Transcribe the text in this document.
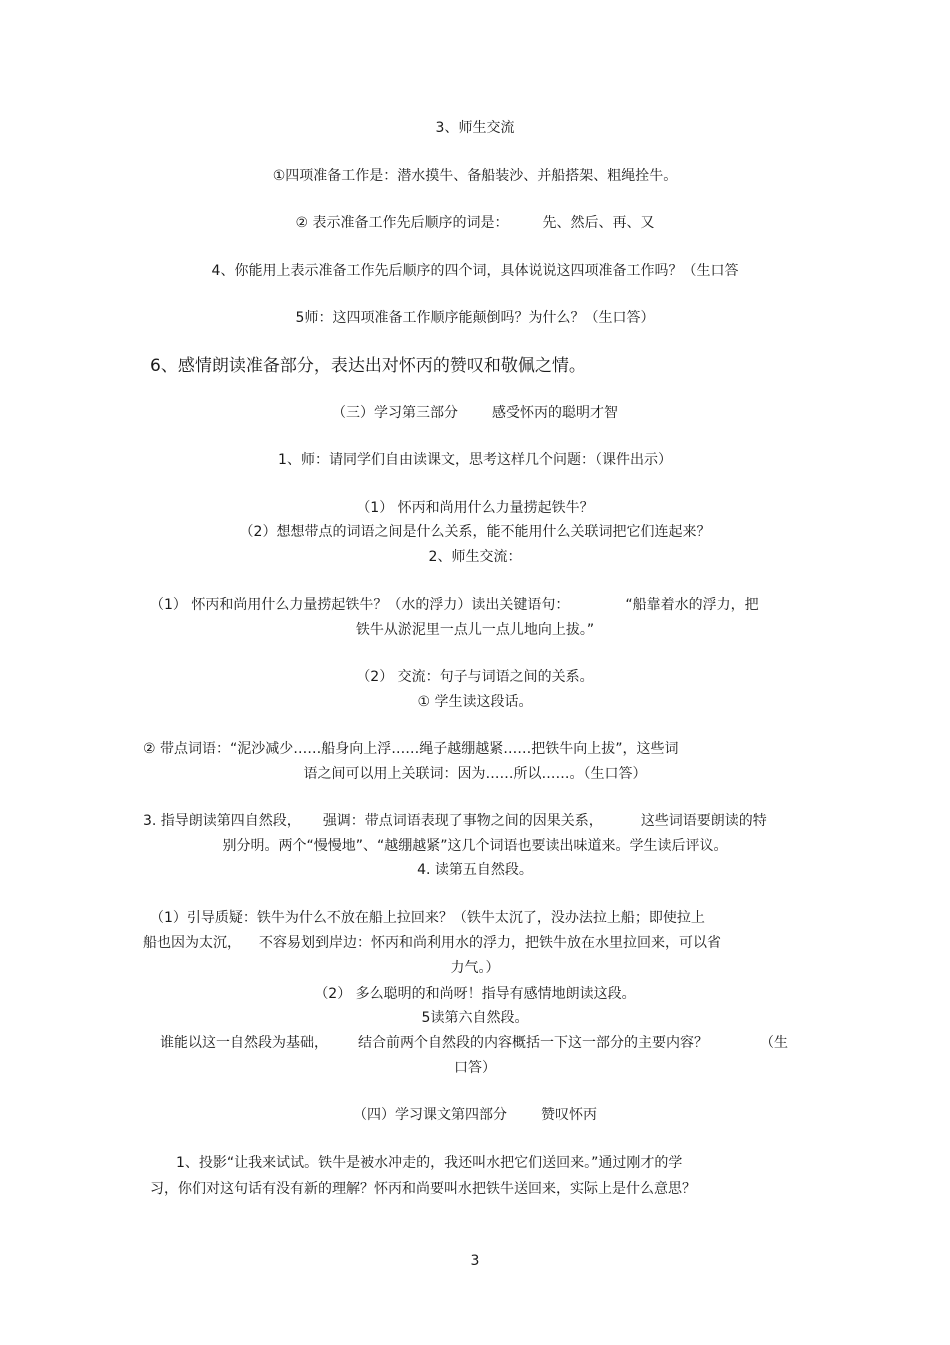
3、师生交流
①四项准备工作是：潜水摸牛、备船装沙、并船搭架、粗绳拴牛。
② 表示准备工作先后顺序的词是： 先、然后、再、又
4、你能用上表示准备工作先后顺序的四个词，具体说说这四项准备工作吗？（生口答
5师：这四项准备工作顺序能颠倒吗？为什么？（生口答）
6、感情朗读准备部分，表达出对怀丙的赞叹和敬佩之情。
（三）学习第三部分 感受怀丙的聪明才智
1、师：请同学们自由读课文，思考这样几个问题：（课件出示）
（1） 怀丙和尚用什么力量捞起铁牛？
（2）想想带点的词语之间是什么关系，能不能用什么关联词把它们连起来？
2、师生交流：
（1） 怀丙和尚用什么力量捞起铁牛？（水的浮力）读出关键语句：	“船靠着水的浮力，把
铁牛从淤泥里一点儿一点儿地向上拔。”
（2） 交流：句子与词语之间的关系。
① 学生读这段话。
② 带点词语：“泥沙减少……船身向上浮……绳子越绷越紧……把铁牛向上拔”，这些词
语之间可以用上关联词：因为……所以……。（生口答）
3. 指导朗读第四自然段， 强调：带点词语表现了事物之间的因果关系，	这些词语要朗读的特
别分明。两个“慢慢地”、“越绷越紧”这几个词语也要读出味道来。学生读后评议。
4. 读第五自然段。
（1）引导质疑：铁牛为什么不放在船上拉回来？（铁牛太沉了，没办法拉上船；即使拉上
船也因为太沉， 不容易划到岸边：怀丙和尚利用水的浮力，把铁牛放在水里拉回来，可以省
力气。）
（2） 多么聪明的和尚呀！指导有感情地朗读这段。
5读第六自然段。
谁能以这一自然段为基础， 结合前两个自然段的内容概括一下这一部分的主要内容？	（生
口答）
（四）学习课文第四部分 赞叹怀丙
1、投影“让我来试试。铁牛是被水冲走的，我还叫水把它们送回来。”通过刚才的学
习，你们对这句话有没有新的理解？怀丙和尚要叫水把铁牛送回来，实际上是什么意思？
3
